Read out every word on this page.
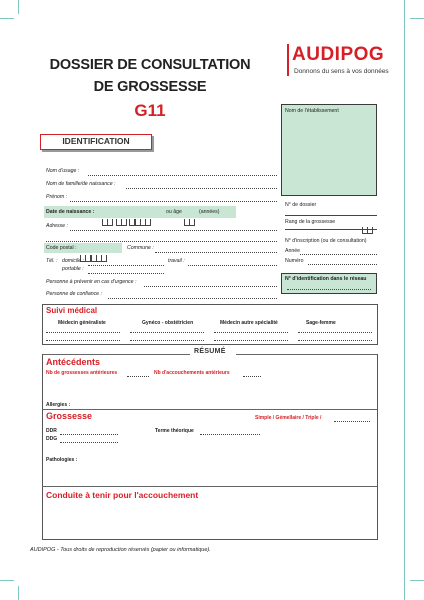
DOSSIER DE CONSULTATION
DE GROSSESSE
G11
AUDIPOG
Donnons du sens à vos données
IDENTIFICATION
Nom d'usage :
Nom de famille/de naissance :
Prénom :
Date de naissance :	ou âge	(années)
Adresse :
Code postal :	Commune :
Tél. : domicile :	travail :
portable :
Personne à prévenir en cas d'urgence :
Personne de confiance :
Nom de l'établissement
N° de dossier
Rang de la grossesse
N° d'inscription (ou de consultation)
Année
Numéro
N° d'identification dans le réseau
Suivi médical
Médecin généraliste	Gynéco - obstétricien	Médecin autre spécialité	Sage-femme
RÉSUMÉ
Antécédents
Nb de grossesses antérieures	Nb d'accouchements antérieurs
Allergies :
Grossesse	Simple / Gémellaire / Triple /
DDR
DDG
Terme théorique
Pathologies :
Conduite à tenir pour l'accouchement
AUDIPOG - Tous droits de reproduction réservés (papier ou informatique).
